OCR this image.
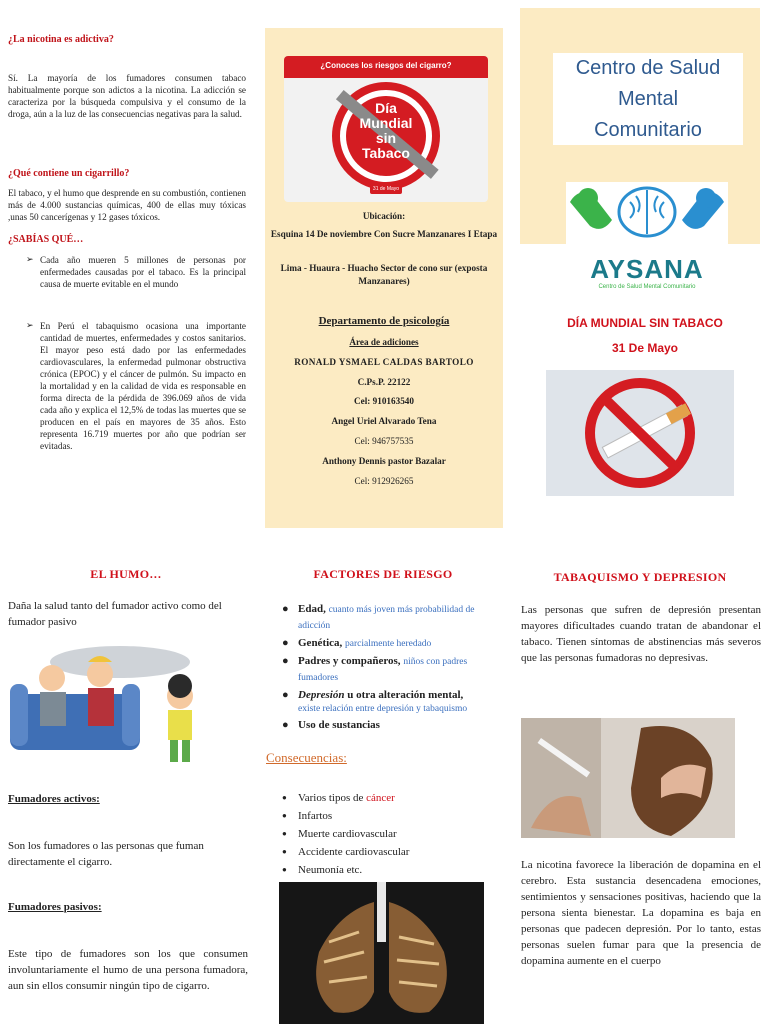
¿La nicotina es adictiva?
Sí. La mayoría de los fumadores consumen tabaco habitualmente porque son adictos a la nicotina. La adicción se caracteriza por la búsqueda compulsiva y el consumo de la droga, aún a la luz de las consecuencias negativas para la salud.
¿Qué contiene un cigarrillo?
El tabaco, y el humo que desprende en su combustión, contienen más de 4.000 sustancias químicas, 400 de ellas muy tóxicas ,unas 50 cancerígenas y 12 gases tóxicos.
¿SABÍAS QUÉ…
➢ Cada año mueren 5 millones de personas por enfermedades causadas por el tabaco. Es la principal causa de muerte evitable en el mundo
➢ En Perú el tabaquismo ocasiona una importante cantidad de muertes, enfermedades y costos sanitarios. El mayor peso está dado por las enfermedades cardiovasculares, la enfermedad pulmonar obstructiva crónica (EPOC) y el cáncer de pulmón. Su impacto en la mortalidad y en la calidad de vida es responsable en forma directa de la pérdida de 396.069 años de vida cada año y explica el 12,5% de todas las muertes que se producen en el país en mayores de 35 años. Esto representa 16.719 muertes por año que podrían ser evitadas.
¿Conoces los riesgos del cigarro?
Día
Mundial
sin
Tabaco
31 de Mayo
Ubicación:
Esquina 14 De noviembre Con Sucre Manzanares I Etapa
Lima - Huaura - Huacho Sector de cono sur (exposta Manzanares)
Departamento de psicología
Área de adiciones
RONALD YSMAEL CALDAS BARTOLO
C.Ps.P. 22122
Cel: 910163540
Angel Uriel Alvarado Tena
Cel: 946757535
Anthony Dennis pastor Bazalar
Cel: 912926265
Centro de Salud
Mental
Comunitario
AYSANA
Centro de Salud Mental Comunitario
DÍA MUNDIAL SIN TABACO
31 De Mayo
EL HUMO…
Daña la salud tanto del fumador activo como del fumador pasivo
Fumadores activos:
Son los fumadores o las personas que fuman directamente el cigarro.
Fumadores pasivos:
Este tipo de fumadores son los que consumen involuntariamente el humo de una persona fumadora, aun sin ellos consumir ningún tipo de cigarro.
FACTORES DE RIESGO
● Edad, cuanto más joven más probabilidad de adicción
● Genética, parcialmente heredado
● Padres y compañeros, niños con padres fumadores
● Depresión u otra alteración mental,
existe relación entre depresión y tabaquismo
● Uso de sustancias
Consecuencias:
● Varios tipos de cáncer
● Infartos
● Muerte cardiovascular
● Accidente cardiovascular
● Neumonía etc.
TABAQUISMO Y DEPRESION
Las personas que sufren de depresión presentan mayores dificultades cuando tratan de abandonar el tabaco. Tienen síntomas de abstinencias más severos que las personas fumadoras no depresivas.
La nicotina favorece la liberación de dopamina en el cerebro. Esta sustancia desencadena emociones, sentimientos y sensaciones positivas, haciendo que la persona sienta bienestar. La dopamina es baja en personas que padecen depresión. Por lo tanto, estas personas suelen fumar para que la presencia de dopamina aumente en el cuerpo
